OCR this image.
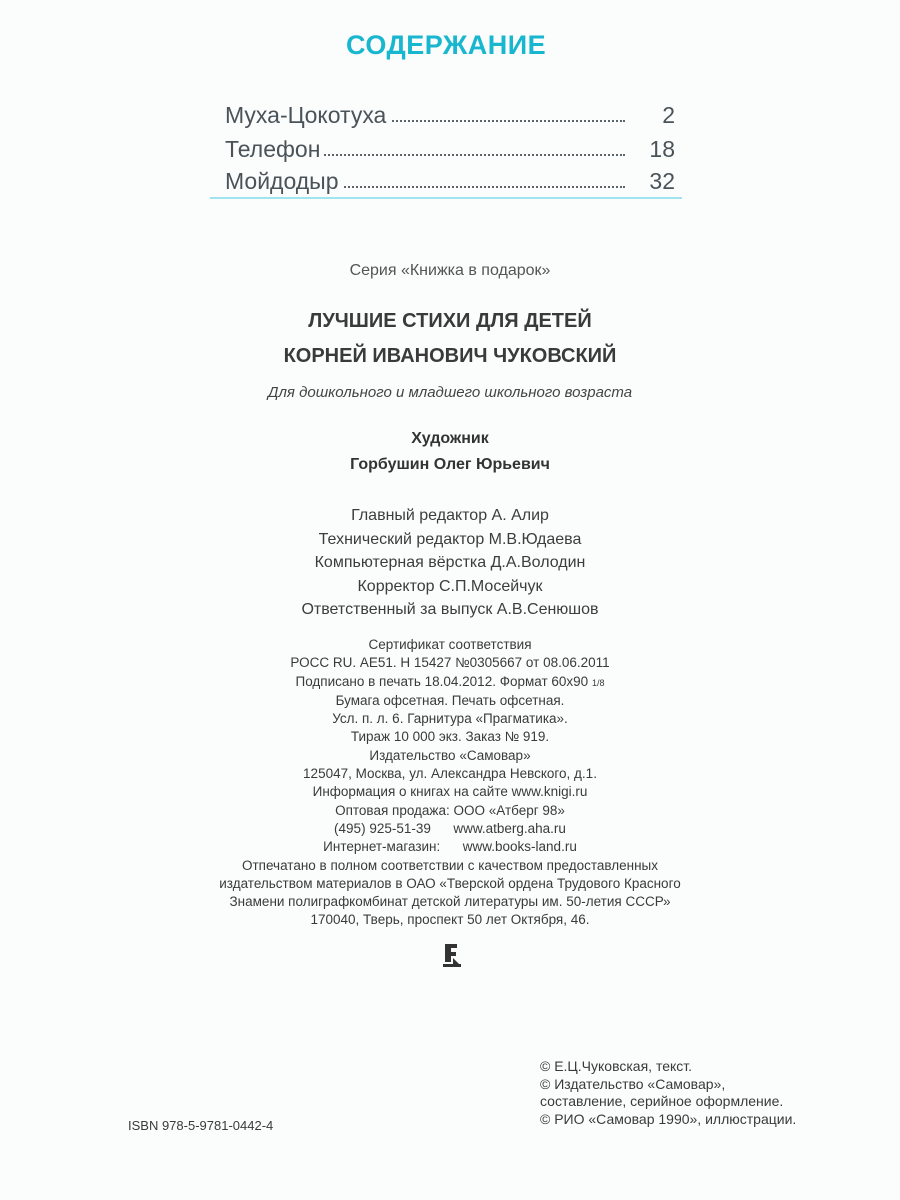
СОДЕРЖАНИЕ
Муха-Цокотуха	2
Телефон	18
Мойдодыр	32
Серия «Книжка в подарок»
ЛУЧШИЕ СТИХИ ДЛЯ ДЕТЕЙ
КОРНЕЙ ИВАНОВИЧ ЧУКОВСКИЙ
Для дошкольного и младшего школьного возраста
Художник
Горбушин Олег Юрьевич
Главный редактор А. Алир
Технический редактор М.В.Юдаева
Компьютерная вёрстка Д.А.Володин
Корректор С.П.Мосейчук
Ответственный за выпуск А.В.Сенюшов
Сертификат соответствия
РОСС RU. АЕ51. Н 15427 №0305667 от 08.06.2011
Подписано в печать 18.04.2012. Формат 60х90 1/8
Бумага офсетная. Печать офсетная.
Усл. п. л. 6. Гарнитура «Прагматика».
Тираж 10 000 экз. Заказ № 919.
Издательство «Самовар»
125047, Москва, ул. Александра Невского, д.1.
Информация о книгах на сайте www.knigi.ru
Оптовая продажа: ООО «Атберг 98»
(495) 925-51-39      www.atberg.aha.ru
Интернет-магазин:      www.books-land.ru
Отпечатано в полном соответствии с качеством предоставленных
издательством материалов в ОАО «Тверской ордена Трудового Красного
Знамени полиграфкомбинат детской литературы им. 50-летия СССР»
170040, Тверь, проспект 50 лет Октября, 46.
© Е.Ц.Чуковская, текст.
© Издательство «Самовар»,
составление, серийное оформление.
© РИО «Самовар 1990», иллюстрации.
ISBN 978-5-9781-0442-4
